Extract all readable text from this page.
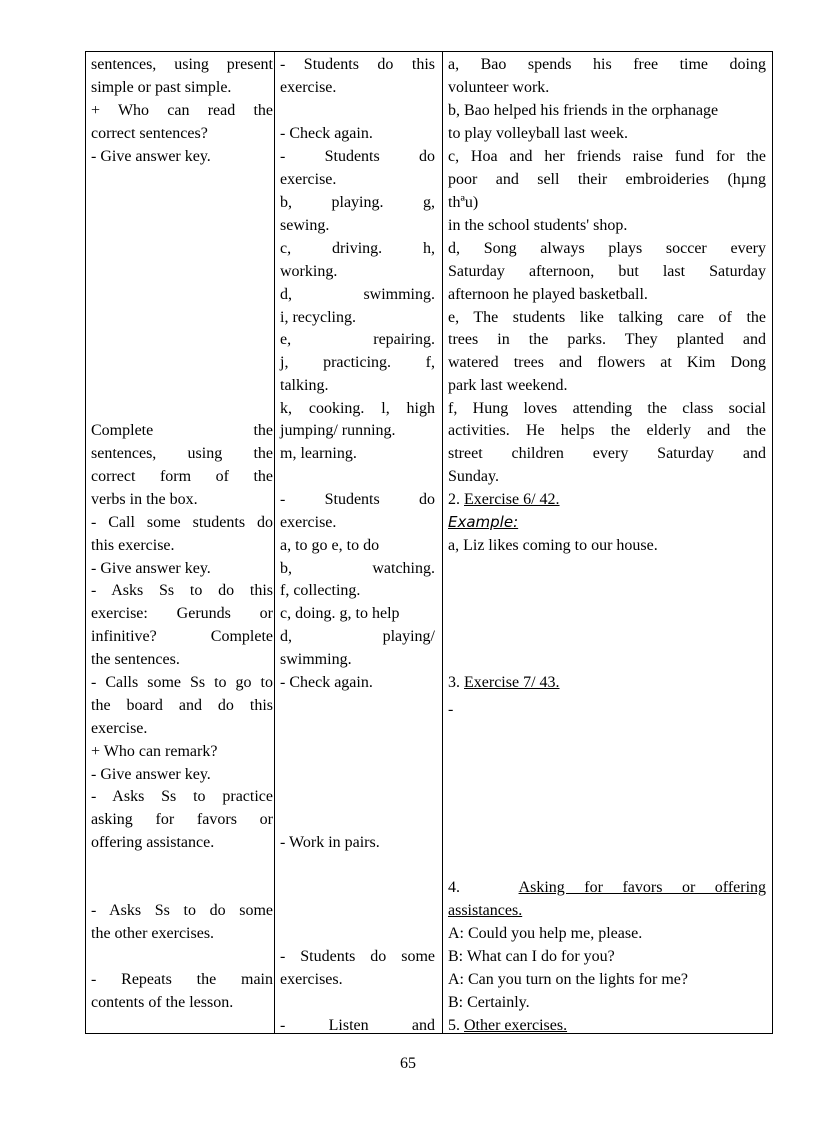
sentences, using present
simple or past simple.
+ Who can read the
correct sentences?
- Give answer key.
Complete the
sentences, using the
correct form of the
verbs in the box.
- Call some students do
this exercise.
- Give answer key.
- Asks Ss to do this
exercise: Gerunds or
infinitive? Complete
the sentences.
- Calls some Ss to go to
the board and do this
exercise.
+ Who can remark?
- Give answer key.
- Asks Ss to practice
asking for favors or
offering assistance.
- Asks Ss to do some
the other exercises.
- Repeats the main
contents of the lesson.
- Students do this
exercise.
- Check again.
- Students do
exercise.
b, playing. g,
sewing.
c, driving. h,
working.
d, swimming.
i, recycling.
e, repairing.
j, practicing. f,
talking.
k, cooking. l, high
jumping/ running.
m, learning.
- Students do
exercise.
a, to go e, to do
b, watching.
f, collecting.
c, doing. g, to help
d, playing/
swimming.
- Check again.
- Work in pairs.
- Students do some
exercises.
- Listen and
2. Exercise 6/ 42.
Example:
a, Liz likes coming to our house.
3. Exercise 7/ 43.
-
4.   Asking for favors or offering
assistances.
A: Could you help me, please.
B: What can I do for you?
A: Can you turn on the lights for me?
B: Certainly.
5. Other exercises.
a, Bao spends his free time doing
volunteer work.
b, Bao helped his friends in the orphanage
to play volleyball last week.
c, Hoa and her friends raise fund for the
poor and sell their embroideries (hµng
thªu)
in the school students' shop.
d, Song always plays soccer every
Saturday afternoon, but last Saturday
afternoon he played basketball.
e, The students like talking care of the
trees in the parks. They planted and
watered trees and flowers at Kim Dong
park last weekend.
f, Hung loves attending the class social
activities. He helps the elderly and the
street children every Saturday and
Sunday.
65
